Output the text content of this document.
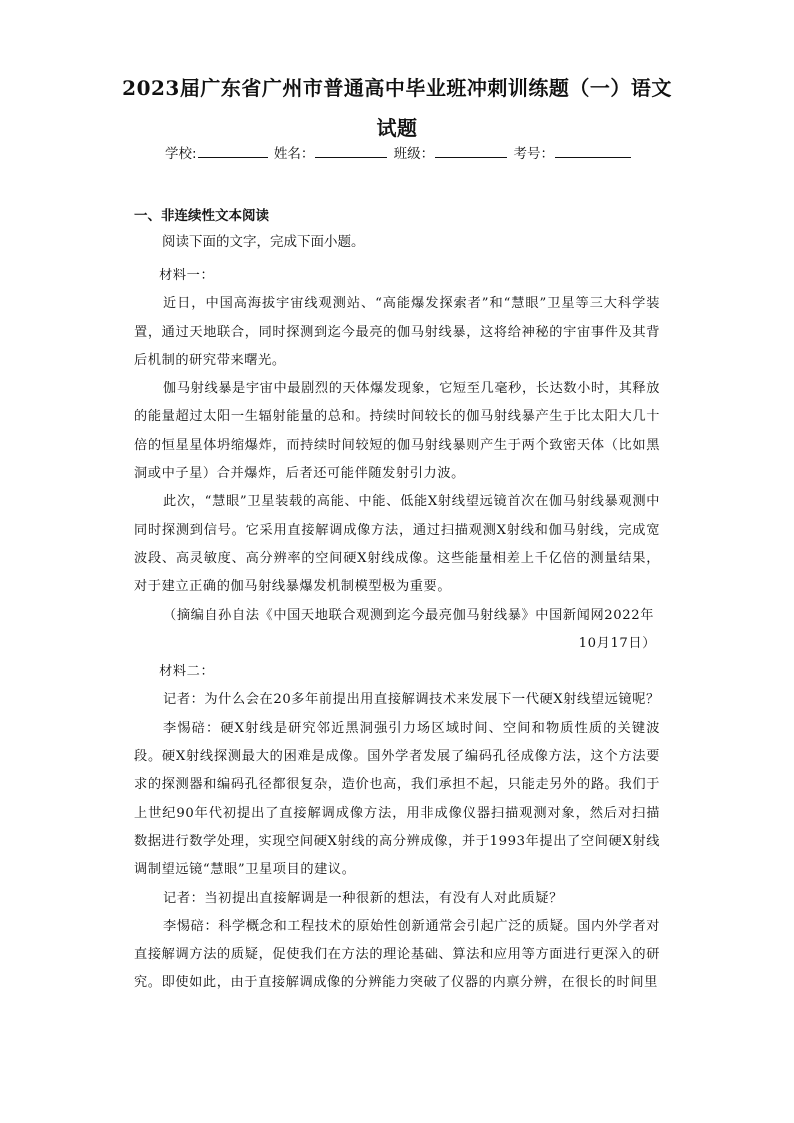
2023届广东省广州市普通高中毕业班冲刺训练题（一）语文
试题
学校:	姓名：	班级：	考号：
一、非连续性文本阅读
阅读下面的文字，完成下面小题。

材料一：

近日，中国高海拔宇宙线观测站、“高能爆发探索者”和“慧眼”卫星等三大科学装置，通过天地联合，同时探测到迄今最亮的伽马射线暴，这将给神秘的宇宙事件及其背后机制的研究带来曙光。

伽马射线暴是宇宙中最剧烈的天体爆发现象，它短至几毫秒，长达数小时，其释放的能量超过太阳一生辐射能量的总和。持续时间较长的伽马射线暴产生于比太阳大几十倍的恒星星体坍缩爆炸，而持续时间较短的伽马射线暴则产生于两个致密天体（比如黑洞或中子星）合并爆炸，后者还可能伴随发射引力波。

此次，“慧眼”卫星装载的高能、中能、低能X射线望远镜首次在伽马射线暴观测中同时探测到信号。它采用直接解调成像方法，通过扫描观测X射线和伽马射线，完成宽波段、高灵敏度、高分辨率的空间硬X射线成像。这些能量相差上千亿倍的测量结果，对于建立正确的伽马射线暴爆发机制模型极为重要。

（摘编自孙自法《中国天地联合观测到迄今最亮伽马射线暴》中国新闻网2022年

10月17日）

材料二：

记者：为什么会在20多年前提出用直接解调技术来发展下一代硬X射线望远镜呢？

李惕碚：硬X射线是研究邻近黑洞强引力场区域时间、空间和物质性质的关键波段。硬X射线探测最大的困难是成像。国外学者发展了编码孔径成像方法，这个方法要求的探测器和编码孔径都很复杂，造价也高，我们承担不起，只能走另外的路。我们于上世纪90年代初提出了直接解调成像方法，用非成像仪器扫描观测对象，然后对扫描数据进行数学处理，实现空间硬X射线的高分辨成像，并于1993年提出了空间硬X射线调制望远镜“慧眼”卫星项目的建议。

记者：当初提出直接解调是一种很新的想法，有没有人对此质疑？

李惕碚：科学概念和工程技术的原始性创新通常会引起广泛的质疑。国内外学者对直接解调方法的质疑，促使我们在方法的理论基础、算法和应用等方面进行更深入的研究。即使如此，由于直接解调成像的分辨能力突破了仪器的内禀分辨，在很长的时间里
